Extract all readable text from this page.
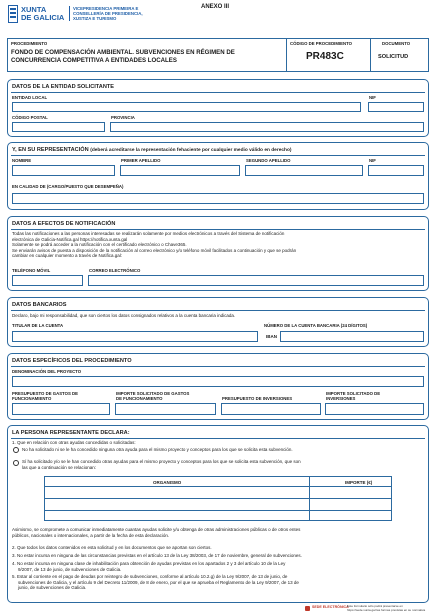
XUNTA
DE GALICIA
VICEPRESIDENCIA PRIMEIRA E
CONSELLERÍA DE PRESIDENCIA,
XUSTIZA E TURISMO
ANEXO III
PROCEDIMIENTO
FONDO DE COMPENSACIÓN AMBIENTAL. SUBVENCIONES EN RÉGIMEN DE
CONCURRENCIA COMPETITIVA A ENTIDADES LOCALES
CÓDIGO DE PROCEDIMIENTO
PR483C
DOCUMENTO
SOLICITUD
DATOS DE LA ENTIDAD SOLICITANTE
ENTIDAD LOCAL	NIF
CÓDIGO POSTAL	PROVINCIA
Y, EN SU REPRESENTACIÓN (deberá acreditarse la representación fehaciente por cualquier medio válido en derecho)
NOMBRE	PRIMER APELLIDO	SEGUNDO APELLIDO	NIF
EN CALIDAD DE (CARGO/PUESTO QUE DESEMPEÑA)
DATOS A EFECTOS DE NOTIFICACIÓN
Todas las notificaciones a las personas interesadas se realizarán solamente por medios electrónicos a través del Sistema de notificación
electrónica de Galicia-Notifica.gal https://notifica.xunta.gal
Solamente se podrá acceder a la notificación con el certificado electrónico o Chave365.
Se enviarán avisos de puesta a disposición de la notificación al correo electrónico y/o teléfono móvil facilitados a continuación y que se podrán
cambiar en cualquier momento a través de Notifica.gal:
TELÉFONO MÓVIL	CORREO ELECTRÓNICO
DATOS BANCARIOS
Declaro, bajo mi responsabilidad, que son ciertos los datos consignados relativos a la cuenta bancaria indicada.
TITULAR DE LA CUENTA	NÚMERO DE LA CUENTA BANCARIA (24 DÍGITOS)
IBAN
DATOS ESPECÍFICOS DEL PROCEDIMIENTO
DENOMINACIÓN DEL PROYECTO
PRESUPUESTO DE GASTOS DE
FUNCIONAMIENTO
IMPORTE SOLICITADO DE GASTOS
DE FUNCIONAMIENTO	PRESUPUESTO DE INVERSIONES
IMPORTE SOLICITADO DE
INVERSIONES
LA PERSONA REPRESENTANTE DECLARA:
1. Que en relación con otras ayudas concedidas o solicitadas:
No ha solicitado ni se le ha concedido ninguna otra ayuda para el mismo proyecto y conceptos para los que se solicita esta subvención.
Sí ha solicitado y/o se le han concedido otras ayudas para el mismo proyecto y conceptos para los que se solicita esta subvención, que son
las que a continuación se relacionan:
ORGANISMO	IMPORTE (€)
Asimismo, se compromete a comunicar inmediatamente cuantas ayudas solicite y/u obtenga de otras administraciones públicas o de otros entes
públicos, nacionales o internacionales, a partir de la fecha de esta declaración.
2. Que todos los datos contenidos en esta solicitud y en los documentos que se aportan son ciertos.
3. No estar incursa en ninguna de las circunstancias previstas en el artículo 13 de la Ley 38/2003, de 17 de noviembre, general de subvenciones.
4. No estar incursa en ninguna clase de inhabilitación para obtención de ayudas previstas en los apartados 2 y 3 del artículo 10 de la Ley
9/2007, de 13 de junio, de subvenciones de Galicia.
5. Estar al corriente en el pago de deudas por reintegro de subvenciones, conforme al artículo 10.2.g) de la Ley 9/2007, de 13 de junio, de
subvenciones de Galicia, y el artículo 9 del Decreto 11/2009, de 8 de enero, por el que se aprueba el Reglamento de la Ley 9/2007, de 13 de
junio, de subvenciones de Galicia.
SEDE ELECTRÓNICA
Este formulario sólo podrá presentarse en
https://sede.xunta.gal las formas previstas en su normativa
